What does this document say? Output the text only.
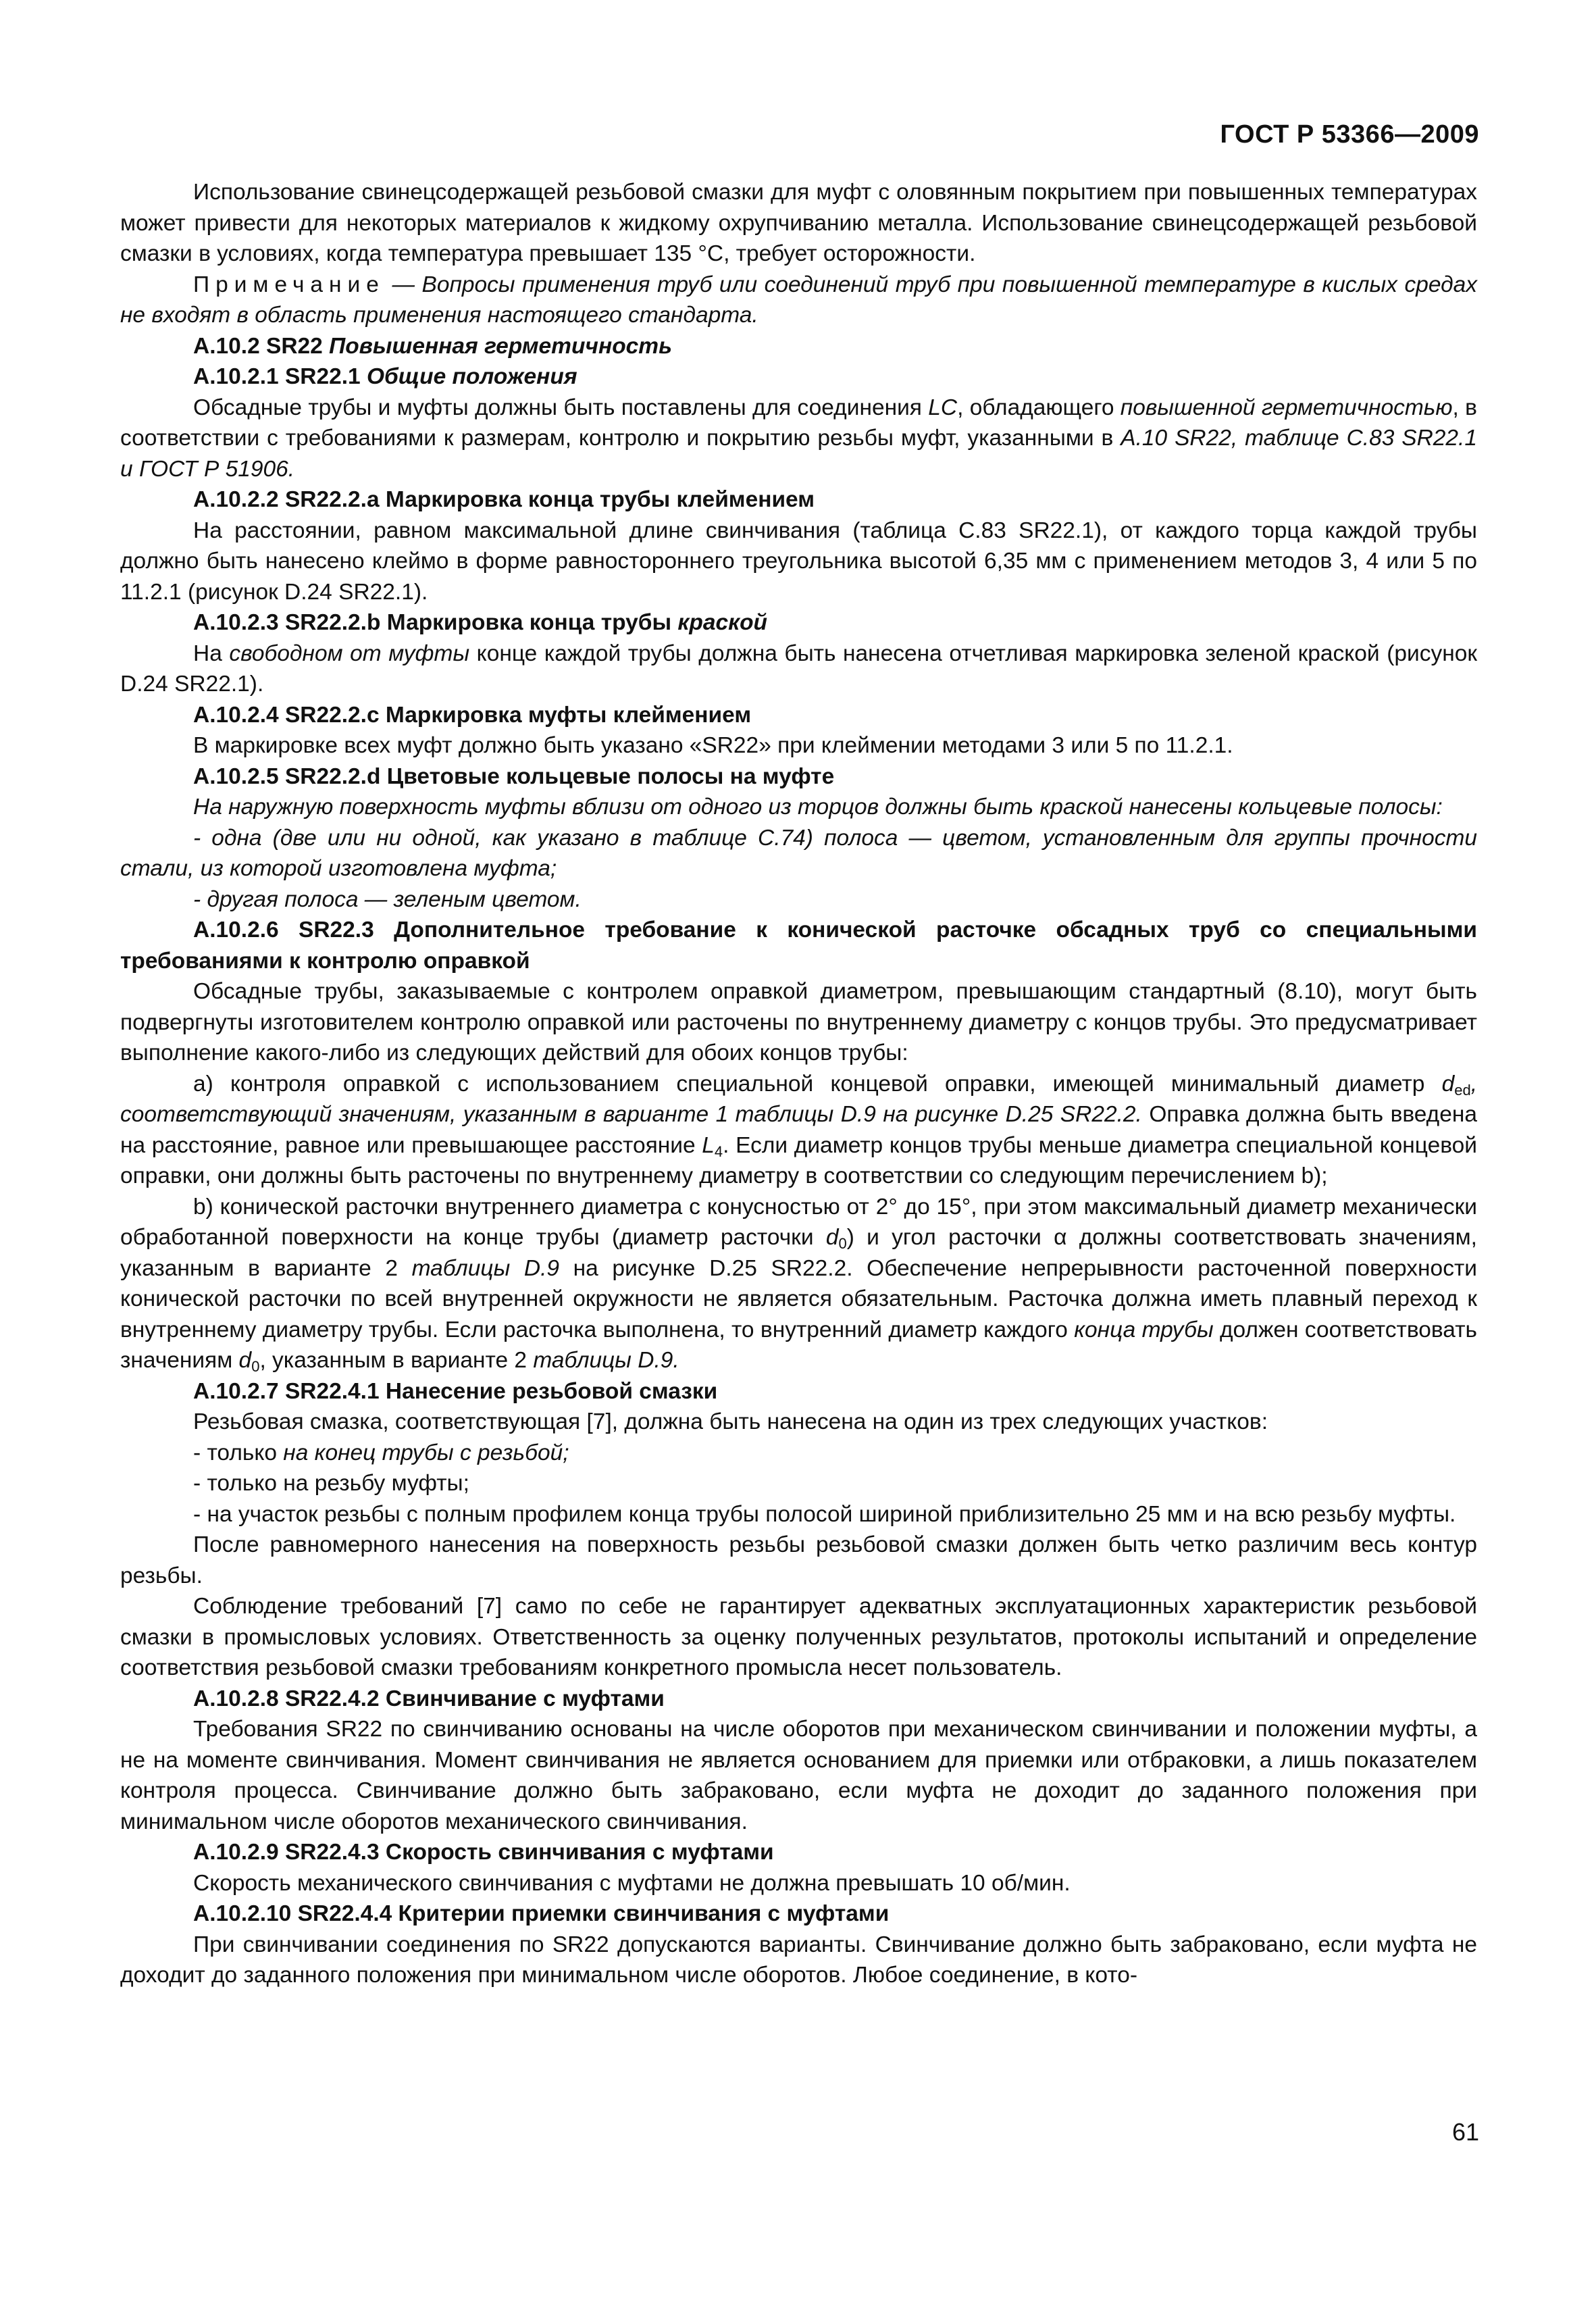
ГОСТ Р 53366—2009

Использование свинецсодержащей резьбовой смазки для муфт с оловянным покрытием при повышенных температурах может привести для некоторых материалов к жидкому охрупчиванию металла. Использование свинецсодержащей резьбовой смазки в условиях, когда температура превышает 135 °С, требует осторожности.

Примечание — Вопросы применения труб или соединений труб при повышенной температуре в кислых средах не входят в область применения настоящего стандарта.

А.10.2 SR22 Повышенная герметичность

А.10.2.1 SR22.1 Общие положения

Обсадные трубы и муфты должны быть поставлены для соединения LC, обладающего повышенной герметичностью, в соответствии с требованиями к размерам, контролю и покрытию резьбы муфт, указанными в А.10 SR22, таблице С.83 SR22.1 и ГОСТ Р 51906.

А.10.2.2 SR22.2.a Маркировка конца трубы клеймением

На расстоянии, равном максимальной длине свинчивания (таблица С.83 SR22.1), от каждого торца каждой трубы должно быть нанесено клеймо в форме равностороннего треугольника высотой 6,35 мм с применением методов 3, 4 или 5 по 11.2.1 (рисунок D.24 SR22.1).

А.10.2.3 SR22.2.b Маркировка конца трубы краской

На свободном от муфты конце каждой трубы должна быть нанесена отчетливая маркировка зеленой краской (рисунок D.24 SR22.1).

А.10.2.4 SR22.2.c Маркировка муфты клеймением

В маркировке всех муфт должно быть указано «SR22» при клеймении методами 3 или 5 по 11.2.1.

А.10.2.5 SR22.2.d Цветовые кольцевые полосы на муфте

На наружную поверхность муфты вблизи от одного из торцов должны быть краской нанесены кольцевые полосы:

- одна (две или ни одной, как указано в таблице С.74) полоса — цветом, установленным для группы прочности стали, из которой изготовлена муфта;

- другая полоса — зеленым цветом.

А.10.2.6 SR22.3 Дополнительное требование к конической расточке обсадных труб со специальными требованиями к контролю оправкой

Обсадные трубы, заказываемые с контролем оправкой диаметром, превышающим стандартный (8.10), могут быть подвергнуты изготовителем контролю оправкой или расточены по внутреннему диаметру с концов трубы. Это предусматривает выполнение какого-либо из следующих действий для обоих концов трубы:

а) контроля оправкой с использованием специальной концевой оправки, имеющей минимальный диаметр $d_{ed}$, соответствующий значениям, указанным в варианте 1 таблицы D.9 на рисунке D.25 SR22.2. Оправка должна быть введена на расстояние, равное или превышающее расстояние $L_4$. Если диаметр концов трубы меньше диаметра специальной концевой оправки, они должны быть расточены по внутреннему диаметру в соответствии со следующим перечислением b);

b) конической расточки внутреннего диаметра с конусностью от 2° до 15°, при этом максимальный диаметр механически обработанной поверхности на конце трубы (диаметр расточки $d_0$) и угол расточки α должны соответствовать значениям, указанным в варианте 2 таблицы D.9 на рисунке D.25 SR22.2. Обеспечение непрерывности расточенной поверхности конической расточки по всей внутренней окружности не является обязательным. Расточка должна иметь плавный переход к внутреннему диаметру трубы. Если расточка выполнена, то внутренний диаметр каждого конца трубы должен соответствовать значениям $d_0$, указанным в варианте 2 таблицы D.9.

А.10.2.7 SR22.4.1 Нанесение резьбовой смазки

Резьбовая смазка, соответствующая [7], должна быть нанесена на один из трех следующих участков:

- только на конец трубы с резьбой;

- только на резьбу муфты;

- на участок резьбы с полным профилем конца трубы полосой шириной приблизительно 25 мм и на всю резьбу муфты.

После равномерного нанесения на поверхность резьбы резьбовой смазки должен быть четко различим весь контур резьбы.

Соблюдение требований [7] само по себе не гарантирует адекватных эксплуатационных характеристик резьбовой смазки в промысловых условиях. Ответственность за оценку полученных результатов, протоколы испытаний и определение соответствия резьбовой смазки требованиям конкретного промысла несет пользователь.

А.10.2.8 SR22.4.2 Свинчивание с муфтами

Требования SR22 по свинчиванию основаны на числе оборотов при механическом свинчивании и положении муфты, а не на моменте свинчивания. Момент свинчивания не является основанием для приемки или отбраковки, а лишь показателем контроля процесса. Свинчивание должно быть забраковано, если муфта не доходит до заданного положения при минимальном числе оборотов механического свинчивания.

А.10.2.9 SR22.4.3 Скорость свинчивания с муфтами

Скорость механического свинчивания с муфтами не должна превышать 10 об/мин.

А.10.2.10 SR22.4.4 Критерии приемки свинчивания с муфтами

При свинчивании соединения по SR22 допускаются варианты. Свинчивание должно быть забраковано, если муфта не доходит до заданного положения при минимальном числе оборотов. Любое соединение, в кото-

61
